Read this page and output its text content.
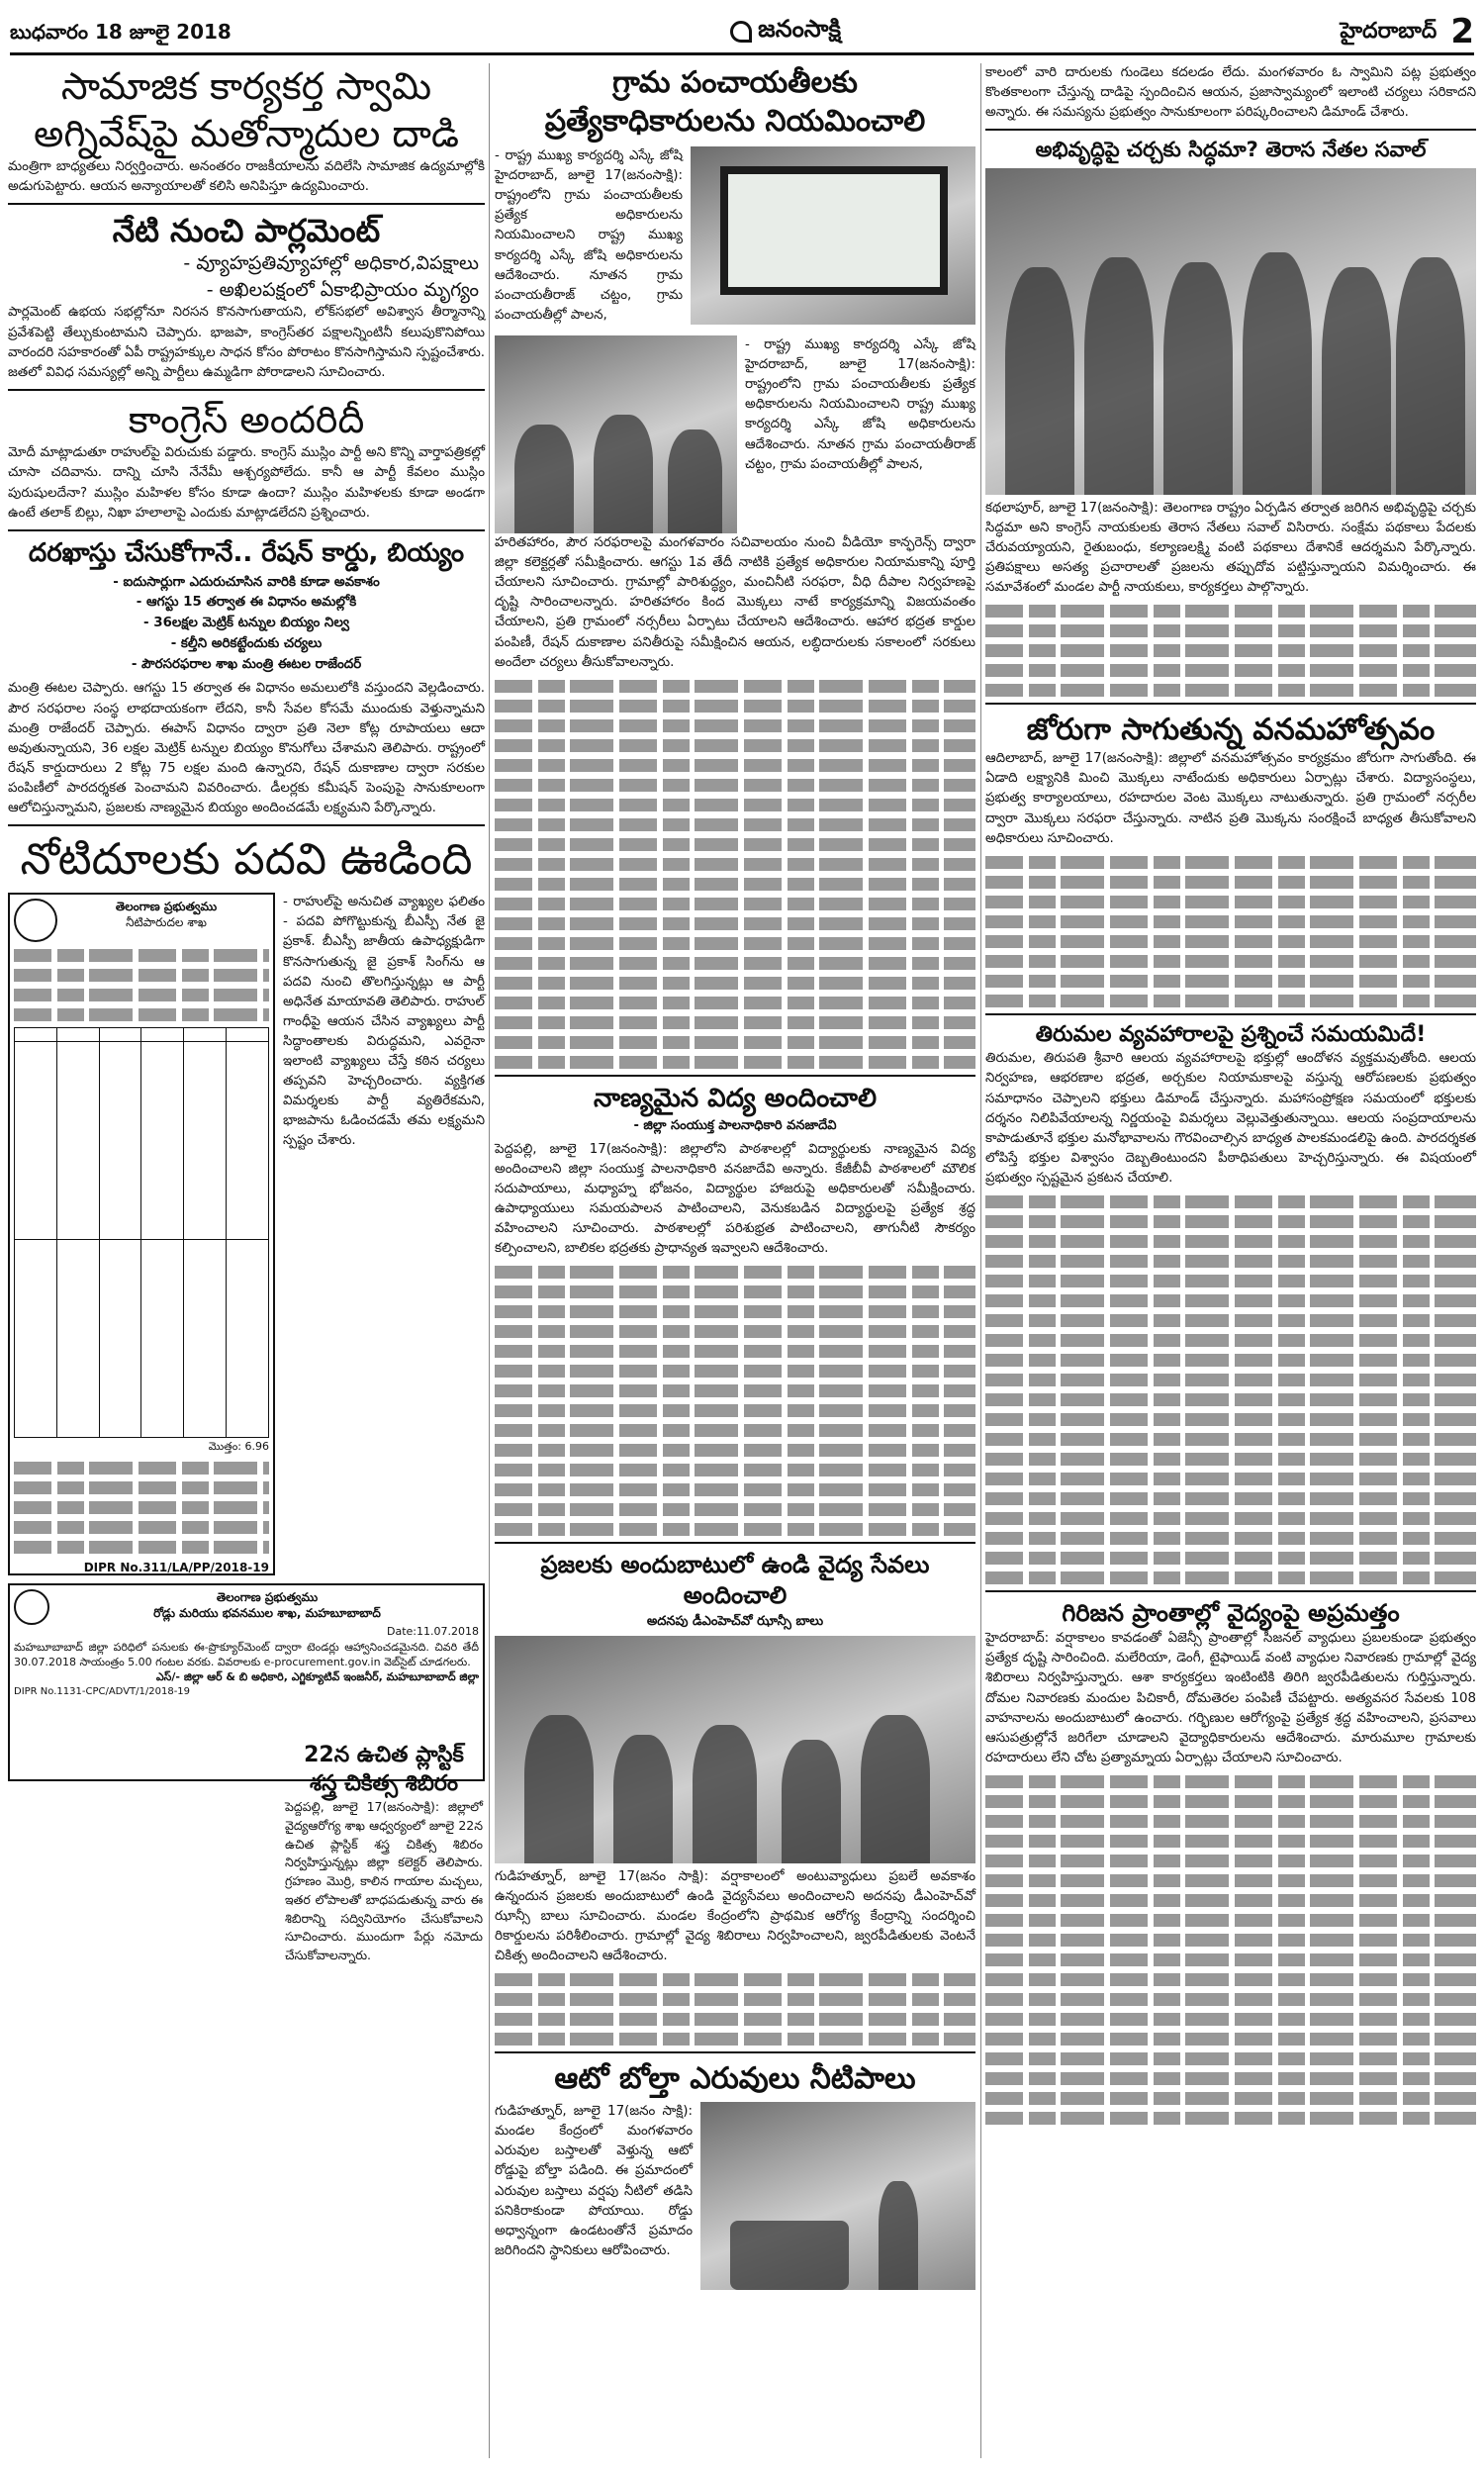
బుధవారం 18 జూలై 2018	జనంసాక్షి	హైదరాబాద్ 2
సామాజిక కార్యకర్త స్వామి
అగ్నివేష్‌పై మతోన్మాదుల దాడి

మంత్రిగా బాధ్యతలు నిర్వర్తించారు. అనంతరం రాజకీయాలను వదిలేసి సామాజిక ఉద్యమాల్లోకి అడుగుపెట్టారు. ఆయన అన్యాయాలతో కలిసి అనిపిస్తూ ఉద్యమించారు.

నేటి నుంచి పార్లమెంట్
- వ్యూహప్రతివ్యూహాల్లో అధికార,విపక్షాలు
- అఖిలపక్షంలో ఏకాభిప్రాయం మృగ్యం

పార్లమెంట్ ఉభయ సభల్లోనూ నిరసన కొనసాగుతాయని, లోక్‌సభలో అవిశ్వాస తీర్మానాన్ని ప్రవేశపెట్టి తేల్చుకుంటామని చెప్పారు. భాజపా, కాంగ్రెస్‌తర పక్షాలన్నింటినీ కలుపుకొనిపోయి వారందరి సహకారంతో ఏపీ రాష్ట్రహక్కుల సాధన కోసం పోరాటం కొనసాగిస్తామని స్పష్టంచేశారు. జతలో వివిధ సమస్యల్లో అన్ని పార్టీలు ఉమ్మడిగా పోరాడాలని సూచించారు.

కాంగ్రెస్ అందరిదీ

మోదీ మాట్లాడుతూ రాహుల్‌పై విరుచుకు పడ్డారు. కాంగ్రెస్ ముస్లిం పార్టీ అని కొన్ని వార్తాపత్రికల్లో చూసా చదివాను. దాన్ని చూసి నేనేమీ ఆశ్చర్యపోలేదు. కానీ ఆ పార్టీ కేవలం ముస్లిం పురుషులదేనా? ముస్లిం మహిళల కోసం కూడా ఉందా? ముస్లిం మహిళలకు కూడా అండగా ఉంటే తలాక్ బిల్లు, నిఖా హలాలాపై ఎందుకు మాట్లాడలేదని ప్రశ్నించారు.

దరఖాస్తు చేసుకోగానే.. రేషన్ కార్డు, బియ్యం
- ఐదుసార్లుగా ఎదురుచూసిన వారికి కూడా అవకాశం
- ఆగస్టు 15 తర్వాత ఈ విధానం అమల్లోకి
- 36లక్షల మెట్రిక్ టన్నుల బియ్యం నిల్వ
- కల్తీని అరికట్టేందుకు చర్యలు
- పౌరసరఫరాల శాఖ మంత్రి ఈటల రాజేందర్

మంత్రి ఈటల చెప్పారు. ఆగస్టు 15 తర్వాత ఈ విధానం అమలులోకి వస్తుందని వెల్లడించారు. పౌర సరఫరాల సంస్థ లాభదాయకంగా లేదని, కానీ సేవల కోసమే ముందుకు వెళ్తున్నామని మంత్రి రాజేందర్ చెప్పారు. ఈపాస్ విధానం ద్వారా ప్రతి నెలా కోట్ల రూపాయలు ఆదా అవుతున్నాయని, 36 లక్షల మెట్రిక్ టన్నుల బియ్యం కొనుగోలు చేశామని తెలిపారు. రాష్ట్రంలో రేషన్ కార్డుదారులు 2 కోట్ల 75 లక్షల మంది ఉన్నారని, రేషన్ దుకాణాల ద్వారా సరకుల పంపిణీలో పారదర్శకత పెంచామని వివరించారు. డీలర్లకు కమీషన్ పెంపుపై సానుకూలంగా ఆలోచిస్తున్నామని, ప్రజలకు నాణ్యమైన బియ్యం అందించడమే లక్ష్యమని పేర్కొన్నారు.

నోటిదూలకు పదవి ఊడింది
తెలంగాణ ప్రభుత్వము
నీటిపారుదల శాఖ

మొత్తం: 6.96
DIPR No.311/LA/PP/2018-19

- రాహుల్‌పై అనుచిత వ్యాఖ్యల ఫలితం - పదవి పోగొట్టుకున్న బీఎస్పీ నేత జై ప్రకాశ్. బీఎస్పీ జాతీయ ఉపాధ్యక్షుడిగా కొనసాగుతున్న జై ప్రకాశ్ సింగ్‌ను ఆ పదవి నుంచి తొలగిస్తున్నట్లు ఆ పార్టీ అధినేత మాయావతి తెలిపారు. రాహుల్ గాంధీపై ఆయన చేసిన వ్యాఖ్యలు పార్టీ సిద్ధాంతాలకు విరుద్ధమని, ఎవరైనా ఇలాంటి వ్యాఖ్యలు చేస్తే కఠిన చర్యలు తప్పవని హెచ్చరించారు. వ్యక్తిగత విమర్శలకు పార్టీ వ్యతిరేకమని, భాజపాను ఓడించడమే తమ లక్ష్యమని స్పష్టం చేశారు.

తెలంగాణ ప్రభుత్వము
రోడ్లు మరియు భవనముల శాఖ, మహబూబాబాద్
Date:11.07.2018

మహబూబాబాద్ జిల్లా పరిధిలో పనులకు ఈ-ప్రొక్యూర్‌మెంట్ ద్వారా టెండర్లు ఆహ్వానించడమైనది. చివరి తేదీ 30.07.2018 సాయంత్రం 5.00 గంటల వరకు. వివరాలకు e-procurement.gov.in వెబ్‌సైట్ చూడగలరు.

ఎస్/- జిల్లా ఆర్ & బి అధికారి, ఎగ్జిక్యూటివ్ ఇంజనీర్, మహబూబాబాద్ జిల్లా
DIPR No.1131-CPC/ADVT/1/2018-19
గ్రామ పంచాయతీలకు
ప్రత్యేకాధికారులను నియమించాలి

- రాష్ట్ర ముఖ్య కార్యదర్శి ఎస్కే జోషి హైదరాబాద్, జూలై 17(జనంసాక్షి): రాష్ట్రంలోని గ్రామ పంచాయతీలకు ప్రత్యేక అధికారులను నియమించాలని రాష్ట్ర ముఖ్య కార్యదర్శి ఎస్కే జోషి అధికారులను ఆదేశించారు. నూతన గ్రామ పంచాయతీరాజ్ చట్టం, గ్రామ పంచాయతీల్లో పాలన,

- రాష్ట్ర ముఖ్య కార్యదర్శి ఎస్కే జోషి హైదరాబాద్, జూలై 17(జనంసాక్షి): రాష్ట్రంలోని గ్రామ పంచాయతీలకు ప్రత్యేక అధికారులను నియమించాలని రాష్ట్ర ముఖ్య కార్యదర్శి ఎస్కే జోషి అధికారులను ఆదేశించారు. నూతన గ్రామ పంచాయతీరాజ్ చట్టం, గ్రామ పంచాయతీల్లో పాలన,

హరితహారం, పౌర సరఫరాలపై మంగళవారం సచివాలయం నుంచి వీడియో కాన్ఫరెన్స్ ద్వారా జిల్లా కలెక్టర్లతో సమీక్షించారు. ఆగస్టు 1వ తేదీ నాటికి ప్రత్యేక అధికారుల నియామకాన్ని పూర్తి చేయాలని సూచించారు. గ్రామాల్లో పారిశుద్ధ్యం, మంచినీటి సరఫరా, వీధి దీపాల నిర్వహణపై దృష్టి సారించాలన్నారు. హరితహారం కింద మొక్కలు నాటే కార్యక్రమాన్ని విజయవంతం చేయాలని, ప్రతి గ్రామంలో నర్సరీలు ఏర్పాటు చేయాలని ఆదేశించారు. ఆహార భద్రత కార్డుల పంపిణీ, రేషన్ దుకాణాల పనితీరుపై సమీక్షించిన ఆయన, లబ్ధిదారులకు సకాలంలో సరకులు అందేలా చర్యలు తీసుకోవాలన్నారు.

నాణ్యమైన విద్య అందించాలి
- జిల్లా సంయుక్త పాలనాధికారి వనజాదేవి

పెద్దపల్లి, జూలై 17(జనంసాక్షి): జిల్లాలోని పాఠశాలల్లో విద్యార్థులకు నాణ్యమైన విద్య అందించాలని జిల్లా సంయుక్త పాలనాధికారి వనజాదేవి అన్నారు. కేజీబీవీ పాఠశాలలో మౌలిక సదుపాయాలు, మధ్యాహ్న భోజనం, విద్యార్థుల హాజరుపై అధికారులతో సమీక్షించారు. ఉపాధ్యాయులు సమయపాలన పాటించాలని, వెనుకబడిన విద్యార్థులపై ప్రత్యేక శ్రద్ధ వహించాలని సూచించారు. పాఠశాలల్లో పరిశుభ్రత పాటించాలని, తాగునీటి సౌకర్యం కల్పించాలని, బాలికల భద్రతకు ప్రాధాన్యత ఇవ్వాలని ఆదేశించారు.

ప్రజలకు అందుబాటులో ఉండి వైద్య సేవలు అందించాలి
అదనపు డీఎంహెచ్‌వో ఝాన్సీ బాలు

గుడిహత్నూర్, జూలై 17(జనం సాక్షి): వర్షాకాలంలో అంటువ్యాధులు ప్రబలే అవకాశం ఉన్నందున ప్రజలకు అందుబాటులో ఉండి వైద్యసేవలు అందించాలని అదనపు డీఎంహెచ్‌వో ఝాన్సీ బాలు సూచించారు. మండల కేంద్రంలోని ప్రాథమిక ఆరోగ్య కేంద్రాన్ని సందర్శించి రికార్డులను పరిశీలించారు. గ్రామాల్లో వైద్య శిబిరాలు నిర్వహించాలని, జ్వరపీడితులకు వెంటనే చికిత్స అందించాలని ఆదేశించారు.

ఆటో బోల్తా ఎరువులు నీటిపాలు

గుడిహత్నూర్, జూలై 17(జనం సాక్షి): మండల కేంద్రంలో మంగళవారం ఎరువుల బస్తాలతో వెళ్తున్న ఆటో రోడ్డుపై బోల్తా పడింది. ఈ ప్రమాదంలో ఎరువుల బస్తాలు వర్షపు నీటిలో తడిసి పనికిరాకుండా పోయాయి. రోడ్డు అధ్వాన్నంగా ఉండటంతోనే ప్రమాదం జరిగిందని స్థానికులు ఆరోపించారు.

కాలంలో వారి దారులకు గుండెలు కదలడం లేదు. మంగళవారం ఓ స్వామిని పట్ల ప్రభుత్వం కొంతకాలంగా చేస్తున్న దాడిపై స్పందించిన ఆయన, ప్రజాస్వామ్యంలో ఇలాంటి చర్యలు సరికాదని అన్నారు. ఈ సమస్యను ప్రభుత్వం సానుకూలంగా పరిష్కరించాలని డిమాండ్ చేశారు.

అభివృద్ధిపై చర్చకు సిద్ధమా? తెరాస నేతల సవాల్

కథలాపూర్, జూలై 17(జనంసాక్షి): తెలంగాణ రాష్ట్రం ఏర్పడిన తర్వాత జరిగిన అభివృద్ధిపై చర్చకు సిద్ధమా అని కాంగ్రెస్ నాయకులకు తెరాస నేతలు సవాల్ విసిరారు. సంక్షేమ పథకాలు పేదలకు చేరువయ్యాయని, రైతుబంధు, కల్యాణలక్ష్మి వంటి పథకాలు దేశానికే ఆదర్శమని పేర్కొన్నారు. ప్రతిపక్షాలు అసత్య ప్రచారాలతో ప్రజలను తప్పుదోవ పట్టిస్తున్నాయని విమర్శించారు. ఈ సమావేశంలో మండల పార్టీ నాయకులు, కార్యకర్తలు పాల్గొన్నారు.

జోరుగా సాగుతున్న వనమహోత్సవం

ఆదిలాబాద్, జూలై 17(జనంసాక్షి): జిల్లాలో వనమహోత్సవం కార్యక్రమం జోరుగా సాగుతోంది. ఈ ఏడాది లక్ష్యానికి మించి మొక్కలు నాటేందుకు అధికారులు ఏర్పాట్లు చేశారు. విద్యాసంస్థలు, ప్రభుత్వ కార్యాలయాలు, రహదారుల వెంట మొక్కలు నాటుతున్నారు. ప్రతి గ్రామంలో నర్సరీల ద్వారా మొక్కలు సరఫరా చేస్తున్నారు. నాటిన ప్రతి మొక్కను సంరక్షించే బాధ్యత తీసుకోవాలని అధికారులు సూచించారు.

తిరుమల వ్యవహారాలపై ప్రశ్నించే సమయమిదే!

తిరుమల, తిరుపతి శ్రీవారి ఆలయ వ్యవహారాలపై భక్తుల్లో ఆందోళన వ్యక్తమవుతోంది. ఆలయ నిర్వహణ, ఆభరణాల భద్రత, అర్చకుల నియామకాలపై వస్తున్న ఆరోపణలకు ప్రభుత్వం సమాధానం చెప్పాలని భక్తులు డిమాండ్ చేస్తున్నారు. మహాసంప్రోక్షణ సమయంలో భక్తులకు దర్శనం నిలిపివేయాలన్న నిర్ణయంపై విమర్శలు వెల్లువెత్తుతున్నాయి. ఆలయ సంప్రదాయాలను కాపాడుతూనే భక్తుల మనోభావాలను గౌరవించాల్సిన బాధ్యత పాలకమండలిపై ఉంది. పారదర్శకత లోపిస్తే భక్తుల విశ్వాసం దెబ్బతింటుందని పీఠాధిపతులు హెచ్చరిస్తున్నారు. ఈ విషయంలో ప్రభుత్వం స్పష్టమైన ప్రకటన చేయాలి.

గిరిజన ప్రాంతాల్లో వైద్యంపై అప్రమత్తం

హైదరాబాద్: వర్షాకాలం కావడంతో ఏజెన్సీ ప్రాంతాల్లో సీజనల్ వ్యాధులు ప్రబలకుండా ప్రభుత్వం ప్రత్యేక దృష్టి సారించింది. మలేరియా, డెంగీ, టైఫాయిడ్ వంటి వ్యాధుల నివారణకు గ్రామాల్లో వైద్య శిబిరాలు నిర్వహిస్తున్నారు. ఆశా కార్యకర్తలు ఇంటింటికి తిరిగి జ్వరపీడితులను గుర్తిస్తున్నారు. దోమల నివారణకు మందుల పిచికారీ, దోమతెరల పంపిణీ చేపట్టారు. అత్యవసర సేవలకు 108 వాహనాలను అందుబాటులో ఉంచారు. గర్భిణుల ఆరోగ్యంపై ప్రత్యేక శ్రద్ధ వహించాలని, ప్రసవాలు ఆసుపత్రుల్లోనే జరిగేలా చూడాలని వైద్యాధికారులను ఆదేశించారు. మారుమూల గ్రామాలకు రహదారులు లేని చోట ప్రత్యామ్నాయ ఏర్పాట్లు చేయాలని సూచించారు.

22న ఉచిత ప్లాస్టిక్
శస్త్ర చికిత్స శిబిరం

పెద్దపల్లి, జూలై 17(జనంసాక్షి): జిల్లాలో వైద్యఆరోగ్య శాఖ ఆధ్వర్యంలో జూలై 22న ఉచిత ప్లాస్టిక్ శస్త్ర చికిత్స శిబిరం నిర్వహిస్తున్నట్లు జిల్లా కలెక్టర్ తెలిపారు. గ్రహణం మొర్రి, కాలిన గాయాల మచ్చలు, ఇతర లోపాలతో బాధపడుతున్న వారు ఈ శిబిరాన్ని సద్వినియోగం చేసుకోవాలని సూచించారు. ముందుగా పేర్లు నమోదు చేసుకోవాలన్నారు.
